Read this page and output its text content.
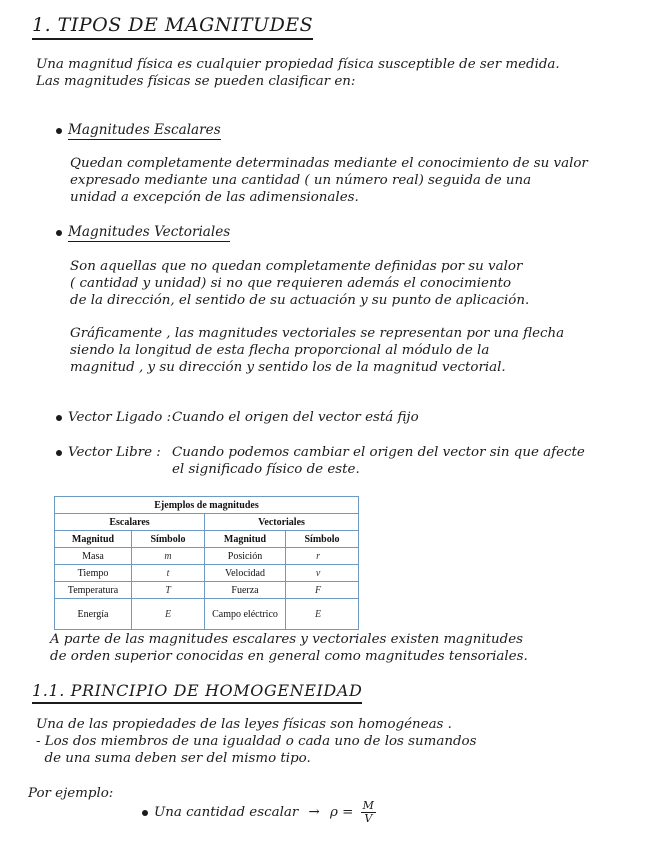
1. TIPOS DE MAGNITUDES
Una magnitud física es cualquier propiedad física susceptible de ser medida.
Las magnitudes físicas se pueden clasificar en:
Magnitudes Escalares
Quedan completamente determinadas mediante el conocimiento de su valor
expresado mediante una cantidad ( un número real) seguida de una
unidad a excepción de las adimensionales.
Magnitudes Vectoriales
Son aquellas que no quedan completamente definidas por su valor
( cantidad y unidad) si no que requieren además el conocimiento
de la dirección, el sentido de su actuación y su punto de aplicación.
Gráficamente , las magnitudes vectoriales se representan por una flecha
siendo la longitud de esta flecha proporcional al módulo de la
magnitud , y su dirección y sentido los de la magnitud vectorial.
Vector Ligado : Cuando el origen del vector está fijo
Vector Libre : Cuando podemos cambiar el origen del vector sin que afecte
el significado físico de este.
Ejemplos de magnitudes			
Escalares		Vectoriales	
Magnitud	Símbolo	Magnitud	Símbolo
Masa	m	Posición	r⃗
Tiempo	t	Velocidad	v⃗
Temperatura	T	Fuerza	F⃗
Energía	E	Campo eléctrico	E⃗
A parte de las magnitudes escalares y vectoriales existen magnitudes
de orden superior conocidas en general como magnitudes tensoriales.
1.1. PRINCIPIO DE HOMOGENEIDAD
Una de las propiedades de las leyes físicas son homogéneas .
- Los dos miembros de una igualdad o cada uno de los sumandos
de una suma deben ser del mismo tipo.
Por ejemplo:
Una cantidad escalar → $\rho = \frac{M}{V}$
